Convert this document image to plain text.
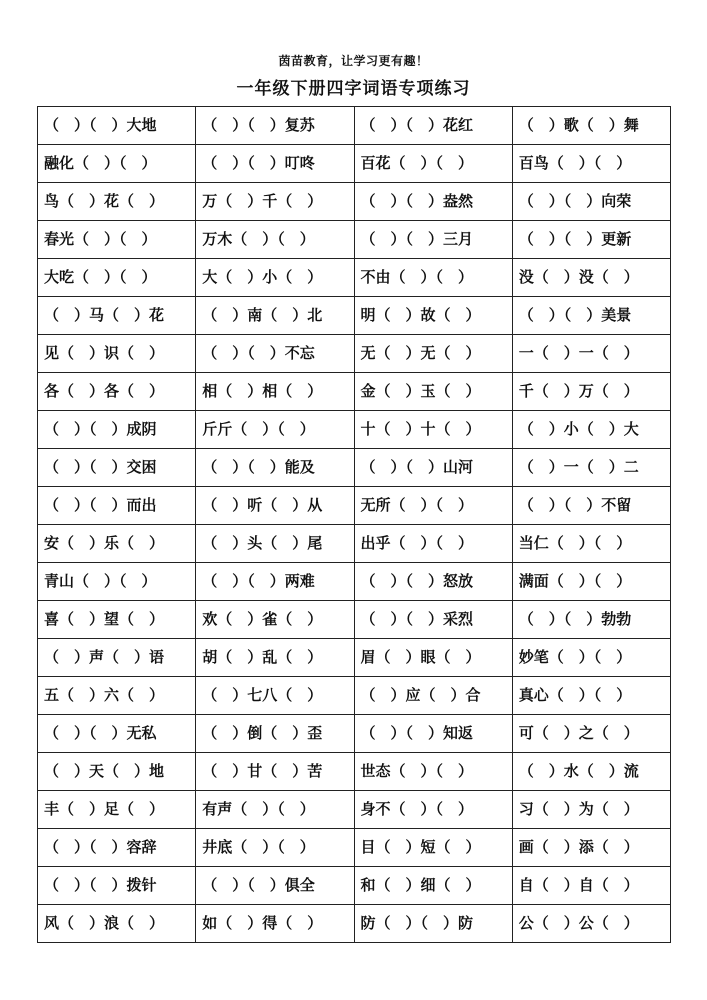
茵苗教育，让学习更有趣！
一年级下册四字词语专项练习
（　）（　）大地	（　）（　）复苏	（　）（　）花红	（　）歌（　）舞

融化（　）（　）	（　）（　）叮咚	百花（　）（　）	百鸟（　）（　）

鸟（　）花（　）	万（　）千（　）	（　）（　）盎然	（　）（　）向荣

春光（　）（　）	万木（　）（　）	（　）（　）三月	（　）（　）更新

大吃（　）（　）	大（　）小（　）	不由（　）（　）	没（　）没（　）

（　）马（　）花	（　）南（　）北	明（　）故（　）	（　）（　）美景

见（　）识（　）	（　）（　）不忘	无（　）无（　）	一（　）一（　）

各（　）各（　）	相（　）相（　）	金（　）玉（　）	千（　）万（　）

（　）（　）成阴	斤斤（　）（　）	十（　）十（　）	（　）小（　）大

（　）（　）交困	（　）（　）能及	（　）（　）山河	（　）一（　）二

（　）（　）而出	（　）听（　）从	无所（　）（　）	（　）（　）不留

安（　）乐（　）	（　）头（　）尾	出乎（　）（　）	当仁（　）（　）

青山（　）（　）	（　）（　）两难	（　）（　）怒放	满面（　）（　）

喜（　）望（　）	欢（　）雀（　）	（　）（　）采烈	（　）（　）勃勃

（　）声（　）语	胡（　）乱（　）	眉（　）眼（　）	妙笔（　）（　）

五（　）六（　）	（　）七八（　）	（　）应（　）合	真心（　）（　）

（　）（　）无私	（　）倒（　）歪	（　）（　）知返	可（　）之（　）

（　）天（　）地	（　）甘（　）苦	世态（　）（　）	（　）水（　）流

丰（　）足（　）	有声（　）（　）	身不（　）（　）	习（　）为（　）

（　）（　）容辞	井底（　）（　）	目（　）短（　）	画（　）添（　）

（　）（　）拨针	（　）（　）俱全	和（　）细（　）	自（　）自（　）

风（　）浪（　）	如（　）得（　）	防（　）（　）防	公（　）公（　）
